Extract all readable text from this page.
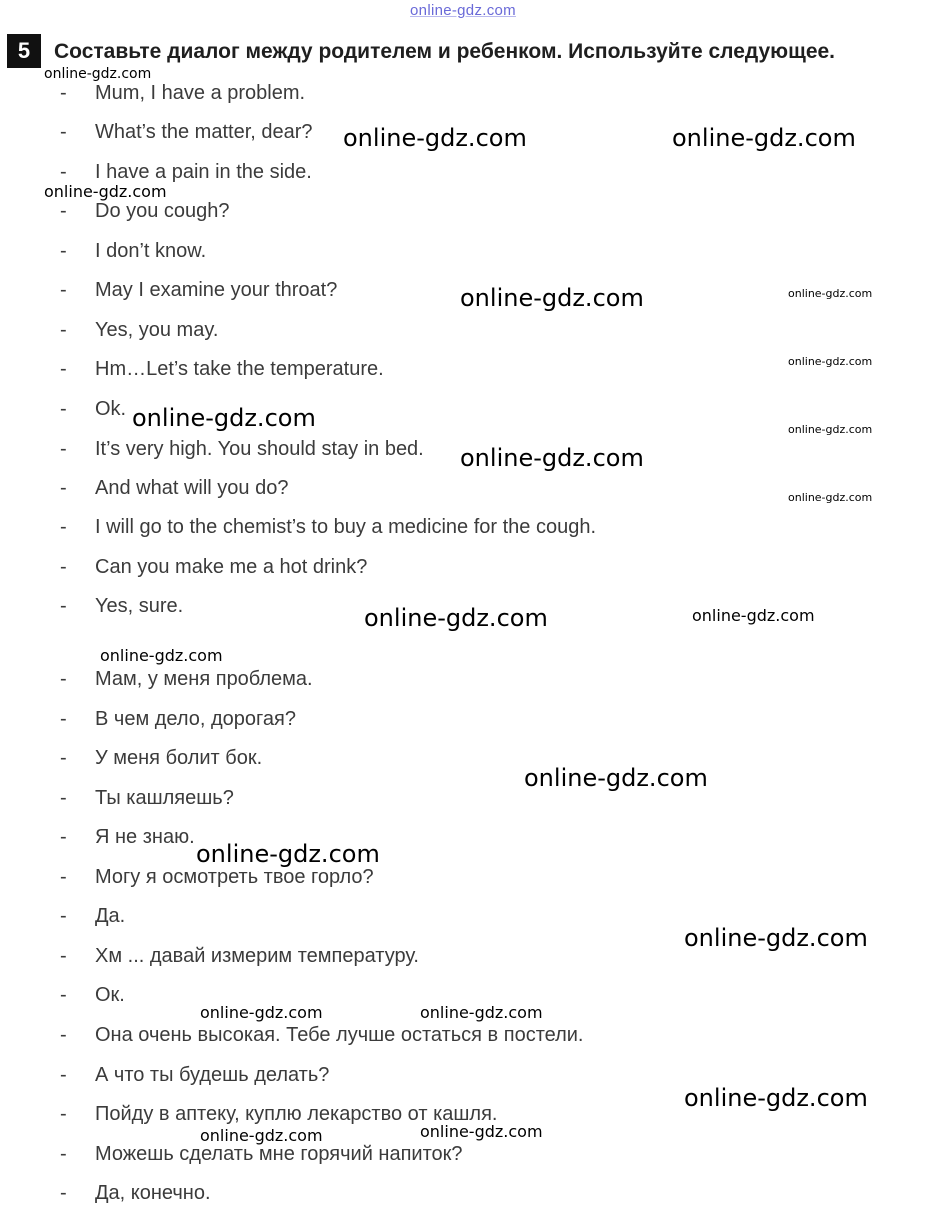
online-gdz.com
5	Составьте диалог между родителем и ребенком. Используйте следующее.
- Mum, I have a problem.
- What’s the matter, dear?
- I have a pain in the side.
- Do you cough?
- I don’t know.
- May I examine your throat?
- Yes, you may.
- Hm…Let’s take the temperature.
- Ok.
- It’s very high. You should stay in bed.
- And what will you do?
- I will go to the chemist’s to buy a medicine for the cough.
- Can you make me a hot drink?
- Yes, sure.
- Мам, у меня проблема.
- В чем дело, дорогая?
- У меня болит бок.
- Ты кашляешь?
- Я не знаю.
- Могу я осмотреть твое горло?
- Да.
- Хм ... давай измерим температуру.
- Ок.
- Она очень высокая. Тебе лучше остаться в постели.
- А что ты будешь делать?
- Пойду в аптеку, куплю лекарство от кашля.
- Можешь сделать мне горячий напиток?
- Да, конечно.
online-gdz.com
online-gdz.com	online-gdz.com
online-gdz.com
online-gdz.com	online-gdz.com
online-gdz.com
online-gdz.com	online-gdz.com
online-gdz.com
online-gdz.com
online-gdz.com	online-gdz.com
online-gdz.com
online-gdz.com
online-gdz.com
online-gdz.com
online-gdz.com	online-gdz.com
online-gdz.com
online-gdz.com
online-gdz.com
